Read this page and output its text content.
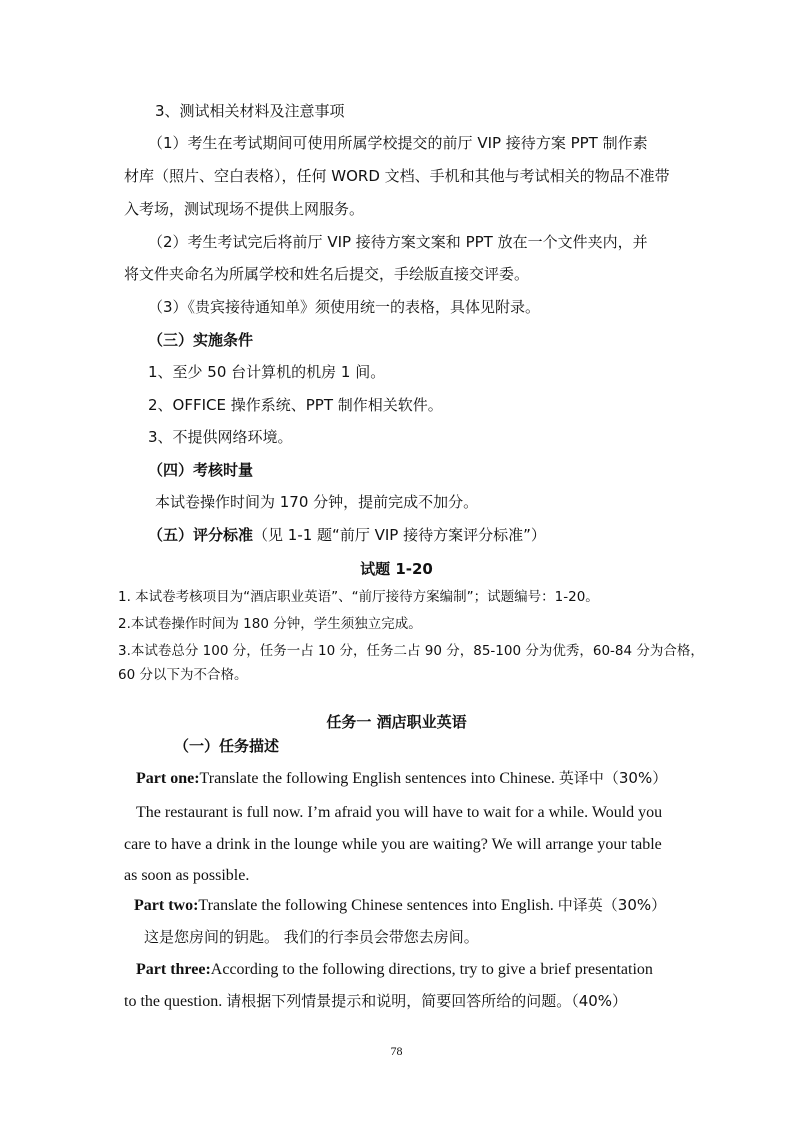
3、测试相关材料及注意事项
（1）考生在考试期间可使用所属学校提交的前厅 VIP 接待方案 PPT 制作素
材库（照片、空白表格），任何 WORD 文档、手机和其他与考试相关的物品不准带
入考场，测试现场不提供上网服务。
（2）考生考试完后将前厅 VIP 接待方案文案和 PPT 放在一个文件夹内，并
将文件夹命名为所属学校和姓名后提交，手绘版直接交评委。
（3）《贵宾接待通知单》须使用统一的表格，具体见附录。
（三）实施条件
1、至少 50 台计算机的机房 1 间。
2、OFFICE 操作系统、PPT 制作相关软件。
3、不提供网络环境。
（四）考核时量
本试卷操作时间为 170 分钟，提前完成不加分。
（五）评分标准（见 1-1 题“前厅 VIP 接待方案评分标准”）
试题 1-20
1. 本试卷考核项目为“酒店职业英语”、“前厅接待方案编制”；试题编号：1-20。
2.本试卷操作时间为 180 分钟，学生须独立完成。
3.本试卷总分 100 分，任务一占 10 分，任务二占 90 分，85-100 分为优秀，60-84 分为合格，
60 分以下为不合格。
任务一 酒店职业英语
（一）任务描述
Part one:Translate the following English sentences into Chinese. 英译中（30%）
The restaurant is full now. I’m afraid you will have to wait for a while. Would you
care to have a drink in the lounge while you are waiting? We will arrange your table
as soon as possible.
Part two:Translate the following Chinese sentences into English. 中译英（30%）
这是您房间的钥匙。 我们的行李员会带您去房间。
Part three:According to the following directions, try to give a brief presentation
to the question. 请根据下列情景提示和说明，简要回答所给的问题。（40%）
78
